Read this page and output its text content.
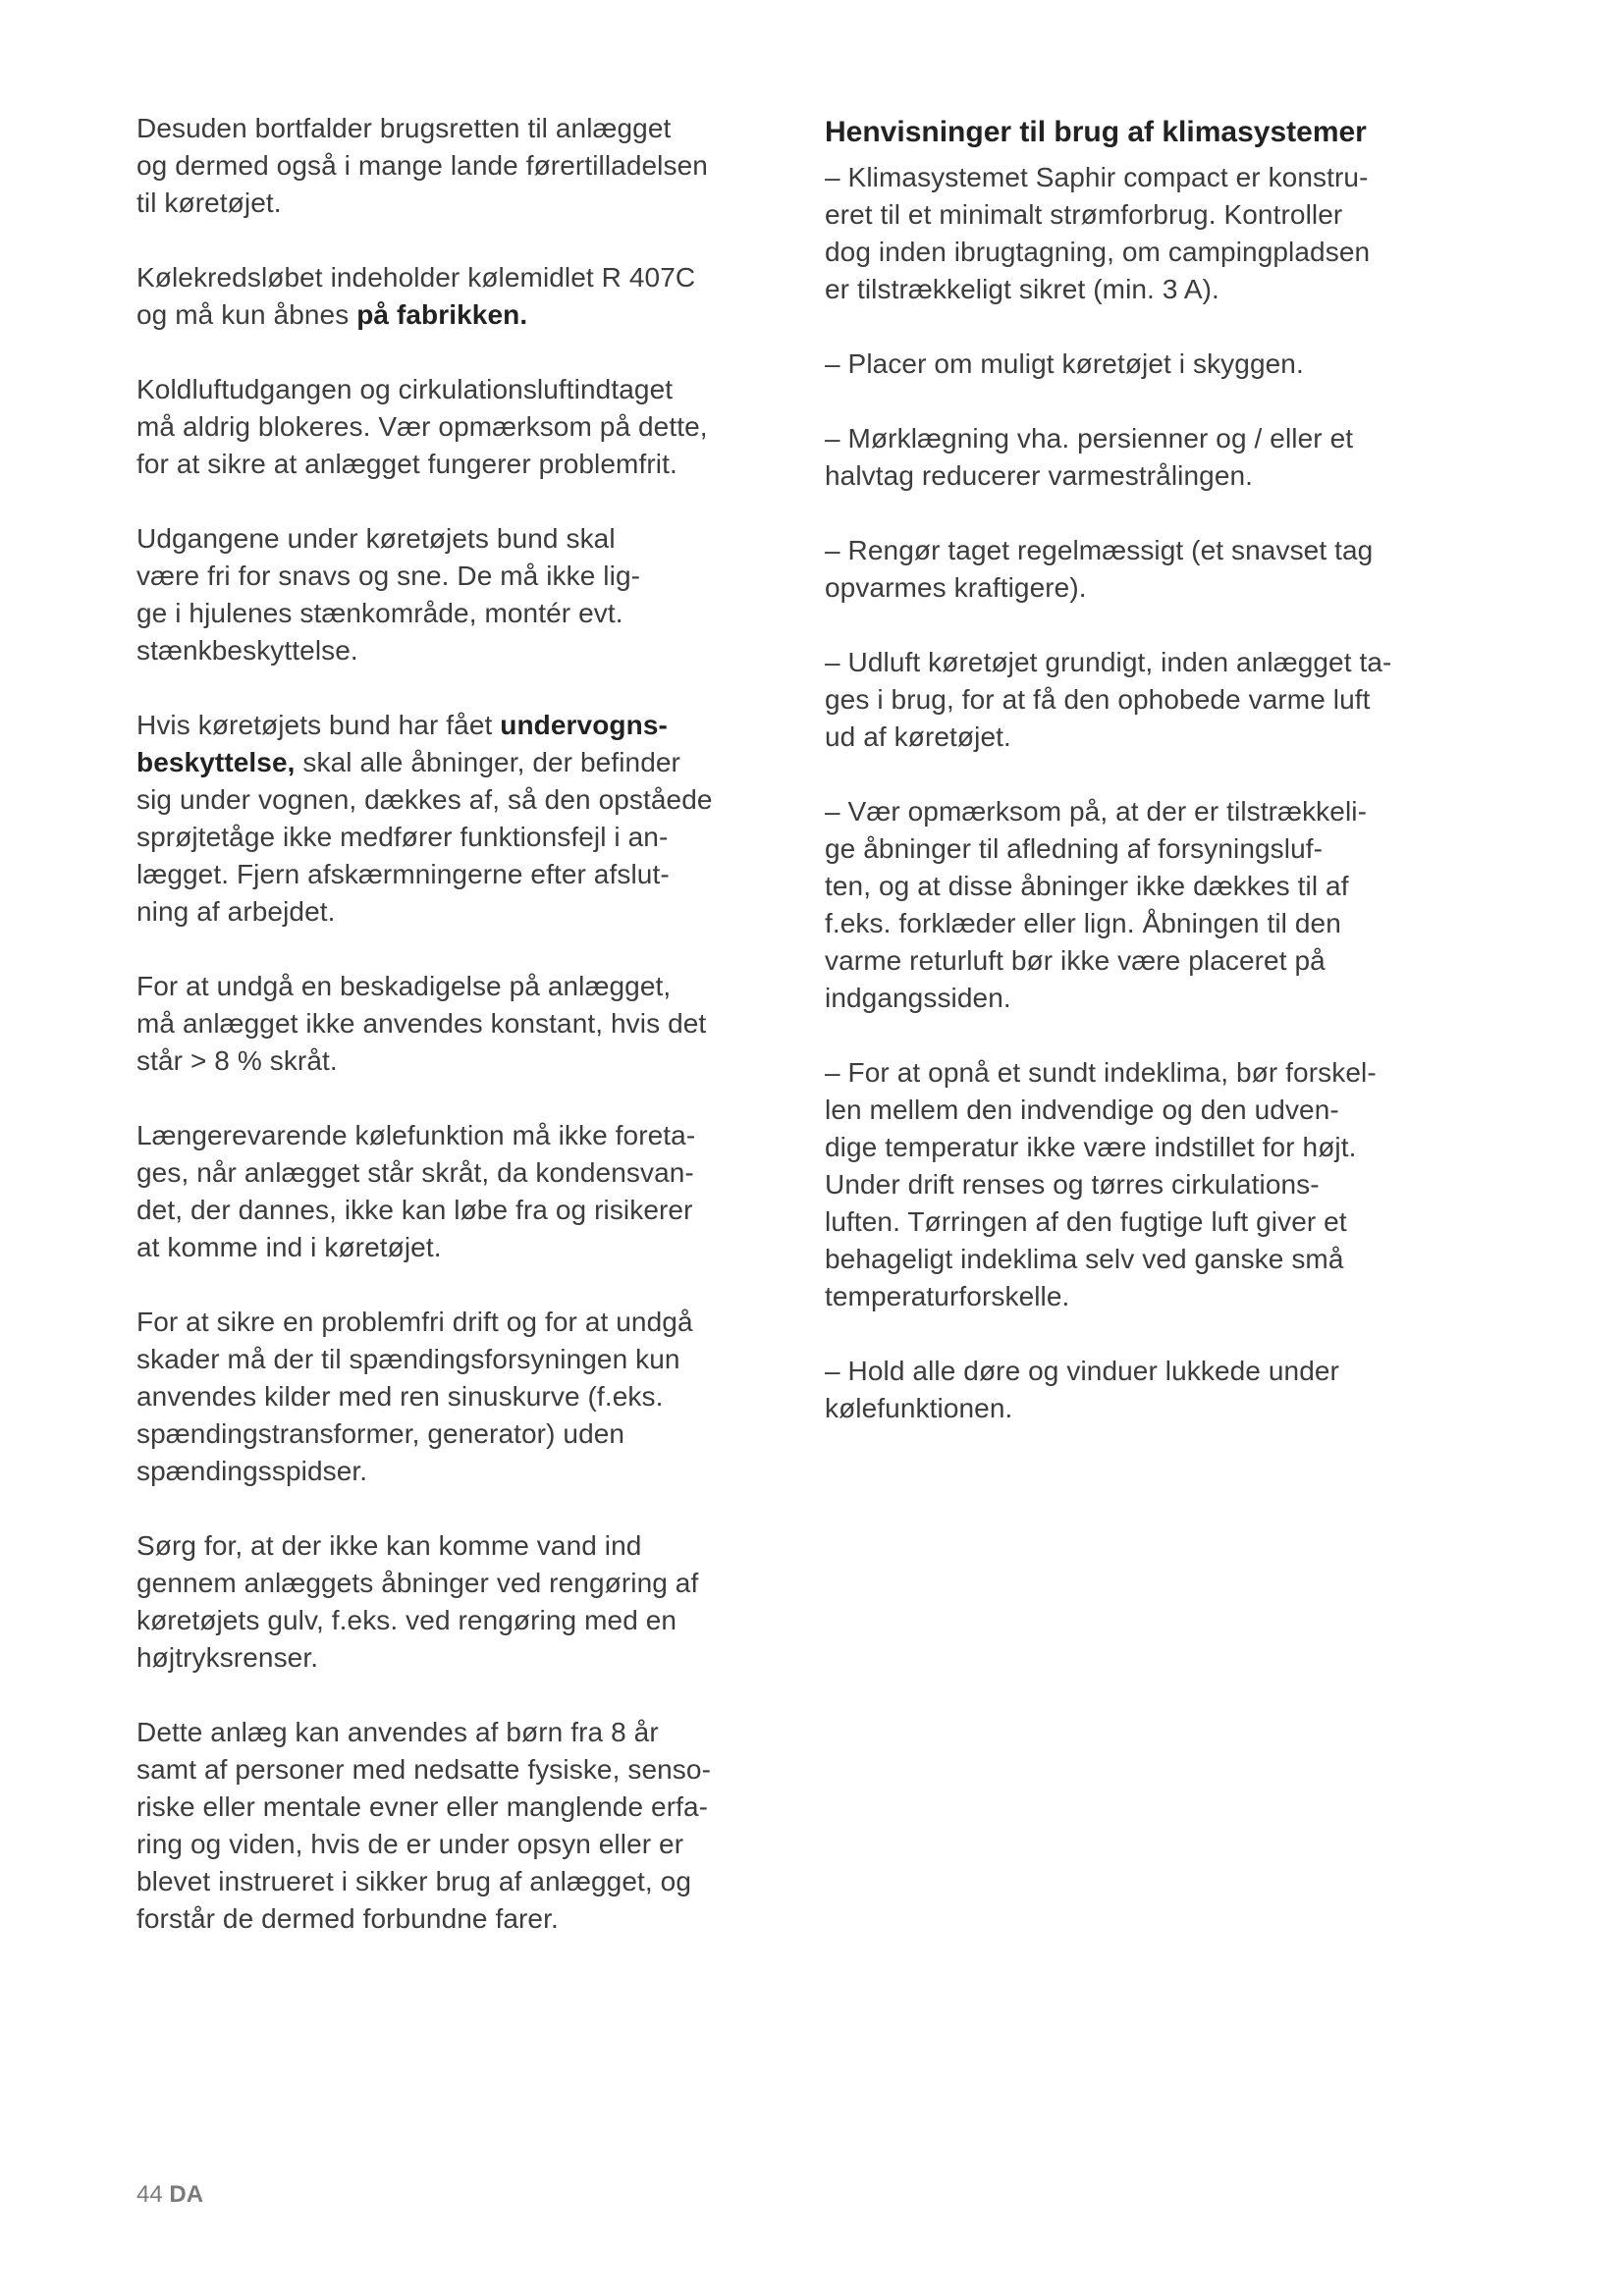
Desuden bortfalder brugsretten til anlægget
og dermed også i mange lande førertilladelsen
til køretøjet.

Kølekredsløbet indeholder kølemidlet R 407C
og må kun åbnes på fabrikken.

Koldluftudgangen og cirkulationsluftindtaget
må aldrig blokeres. Vær opmærksom på dette,
for at sikre at anlægget fungerer problemfrit.

Udgangene under køretøjets bund skal
være fri for snavs og sne. De må ikke lig-
ge i hjulenes stænkområde, montér evt.
stænkbeskyttelse.

Hvis køretøjets bund har fået undervogns-
beskyttelse, skal alle åbninger, der befinder
sig under vognen, dækkes af, så den opståede
sprøjtetåge ikke medfører funktionsfejl i an-
lægget. Fjern afskærmningerne efter afslut-
ning af arbejdet.

For at undgå en beskadigelse på anlægget,
må anlægget ikke anvendes konstant, hvis det
står > 8 % skråt.

Længerevarende kølefunktion må ikke foreta-
ges, når anlægget står skråt, da kondensvan-
det, der dannes, ikke kan løbe fra og risikerer
at komme ind i køretøjet.

For at sikre en problemfri drift og for at undgå
skader må der til spændingsforsyningen kun
anvendes kilder med ren sinuskurve (f.eks.
spændingstransformer, generator) uden
spændingsspidser.

Sørg for, at der ikke kan komme vand ind
gennem anlæggets åbninger ved rengøring af
køretøjets gulv, f.eks. ved rengøring med en
højtryksrenser.

Dette anlæg kan anvendes af børn fra 8 år
samt af personer med nedsatte fysiske, senso-
riske eller mentale evner eller manglende erfa-
ring og viden, hvis de er under opsyn eller er
blevet instrueret i sikker brug af anlægget, og
forstår de dermed forbundne farer.

Henvisninger til brug af klimasystemer

– Klimasystemet Saphir compact er konstru-
eret til et minimalt strømforbrug. Kontroller
dog inden ibrugtagning, om campingpladsen
er tilstrækkeligt sikret (min. 3 A).

– Placer om muligt køretøjet i skyggen.

– Mørklægning vha. persienner og / eller et
halvtag reducerer varmestrålingen.

– Rengør taget regelmæssigt (et snavset tag
opvarmes kraftigere).

– Udluft køretøjet grundigt, inden anlægget ta-
ges i brug, for at få den ophobede varme luft
ud af køretøjet.

– Vær opmærksom på, at der er tilstrækkeli-
ge åbninger til afledning af forsyningsluf-
ten, og at disse åbninger ikke dækkes til af
f.eks. forklæder eller lign. Åbningen til den
varme returluft bør ikke være placeret på
indgangssiden.

– For at opnå et sundt indeklima, bør forskel-
len mellem den indvendige og den udven-
dige temperatur ikke være indstillet for højt.
Under drift renses og tørres cirkulations-
luften. Tørringen af den fugtige luft giver et
behageligt indeklima selv ved ganske små
temperaturforskelle.

– Hold alle døre og vinduer lukkede under
kølefunktionen.

44 DA
